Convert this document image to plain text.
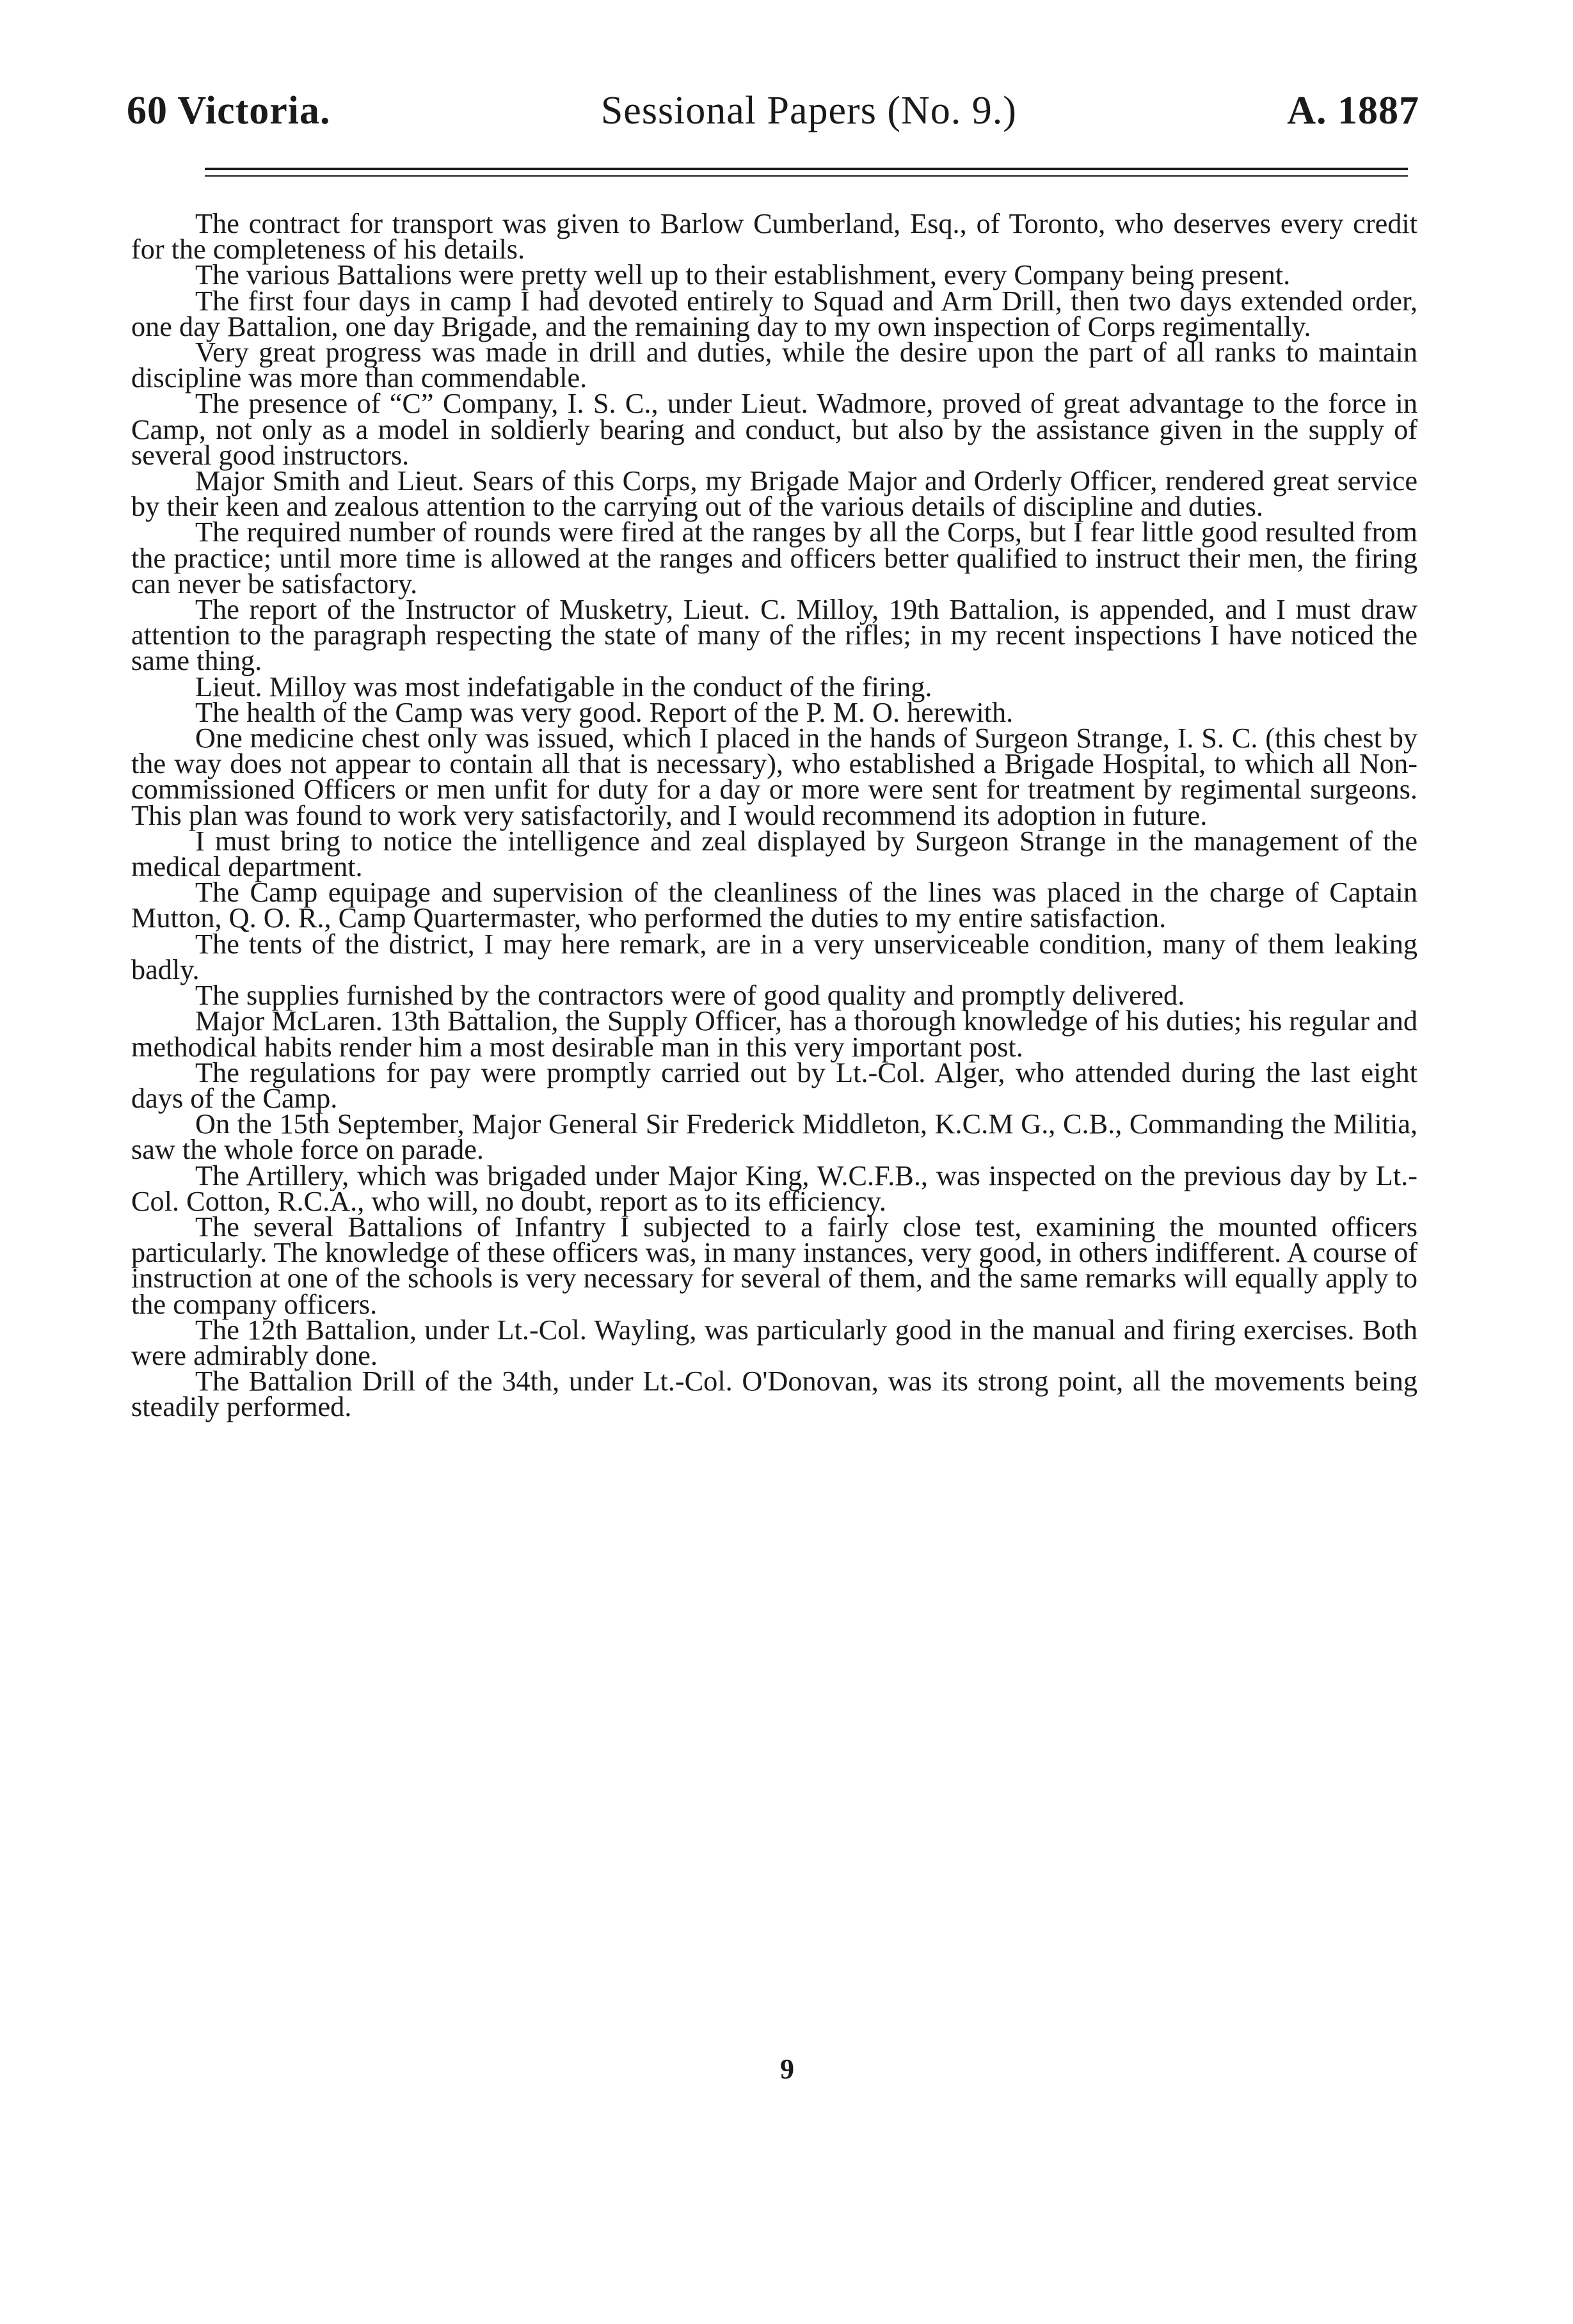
60 Victoria.	Sessional Papers (No. 9.)	A. 1887

The contract for transport was given to Barlow Cumberland, Esq., of Toronto, who deserves every credit for the completeness of his details.

The various Battalions were pretty well up to their establishment, every Company being present.

The first four days in camp I had devoted entirely to Squad and Arm Drill, then two days extended order, one day Battalion, one day Brigade, and the remaining day to my own inspection of Corps regimentally.

Very great progress was made in drill and duties, while the desire upon the part of all ranks to maintain discipline was more than commendable.

The presence of “C” Company, I. S. C., under Lieut. Wadmore, proved of great advantage to the force in Camp, not only as a model in soldierly bearing and conduct, but also by the assistance given in the supply of several good instructors.

Major Smith and Lieut. Sears of this Corps, my Brigade Major and Orderly Officer, rendered great service by their keen and zealous attention to the carrying out of the various details of discipline and duties.

The required number of rounds were fired at the ranges by all the Corps, but I fear little good resulted from the practice; until more time is allowed at the ranges and officers better qualified to instruct their men, the firing can never be satisfactory.

The report of the Instructor of Musketry, Lieut. C. Milloy, 19th Battalion, is appended, and I must draw attention to the paragraph respecting the state of many of the rifles; in my recent inspections I have noticed the same thing.

Lieut. Milloy was most indefatigable in the conduct of the firing.

The health of the Camp was very good. Report of the P. M. O. herewith.

One medicine chest only was issued, which I placed in the hands of Surgeon Strange, I. S. C. (this chest by the way does not appear to contain all that is necessary), who established a Brigade Hospital, to which all Non-commissioned Officers or men unfit for duty for a day or more were sent for treatment by regimental surgeons. This plan was found to work very satisfactorily, and I would recommend its adoption in future.

I must bring to notice the intelligence and zeal displayed by Surgeon Strange in the management of the medical department.

The Camp equipage and supervision of the cleanliness of the lines was placed in the charge of Captain Mutton, Q. O. R., Camp Quartermaster, who performed the duties to my entire satisfaction.

The tents of the district, I may here remark, are in a very unserviceable condition, many of them leaking badly.

The supplies furnished by the contractors were of good quality and promptly delivered.

Major McLaren. 13th Battalion, the Supply Officer, has a thorough knowledge of his duties; his regular and methodical habits render him a most desirable man in this very important post.

The regulations for pay were promptly carried out by Lt.-Col. Alger, who attended during the last eight days of the Camp.

On the 15th September, Major General Sir Frederick Middleton, K.C.M G., C.B., Commanding the Militia, saw the whole force on parade.

The Artillery, which was brigaded under Major King, W.C.F.B., was inspected on the previous day by Lt.-Col. Cotton, R.C.A., who will, no doubt, report as to its efficiency.

The several Battalions of Infantry I subjected to a fairly close test, examining the mounted officers particularly. The knowledge of these officers was, in many instances, very good, in others indifferent. A course of instruction at one of the schools is very necessary for several of them, and the same remarks will equally apply to the company officers.

The 12th Battalion, under Lt.-Col. Wayling, was particularly good in the manual and firing exercises. Both were admirably done.

The Battalion Drill of the 34th, under Lt.-Col. O'Donovan, was its strong point, all the movements being steadily performed.

9
